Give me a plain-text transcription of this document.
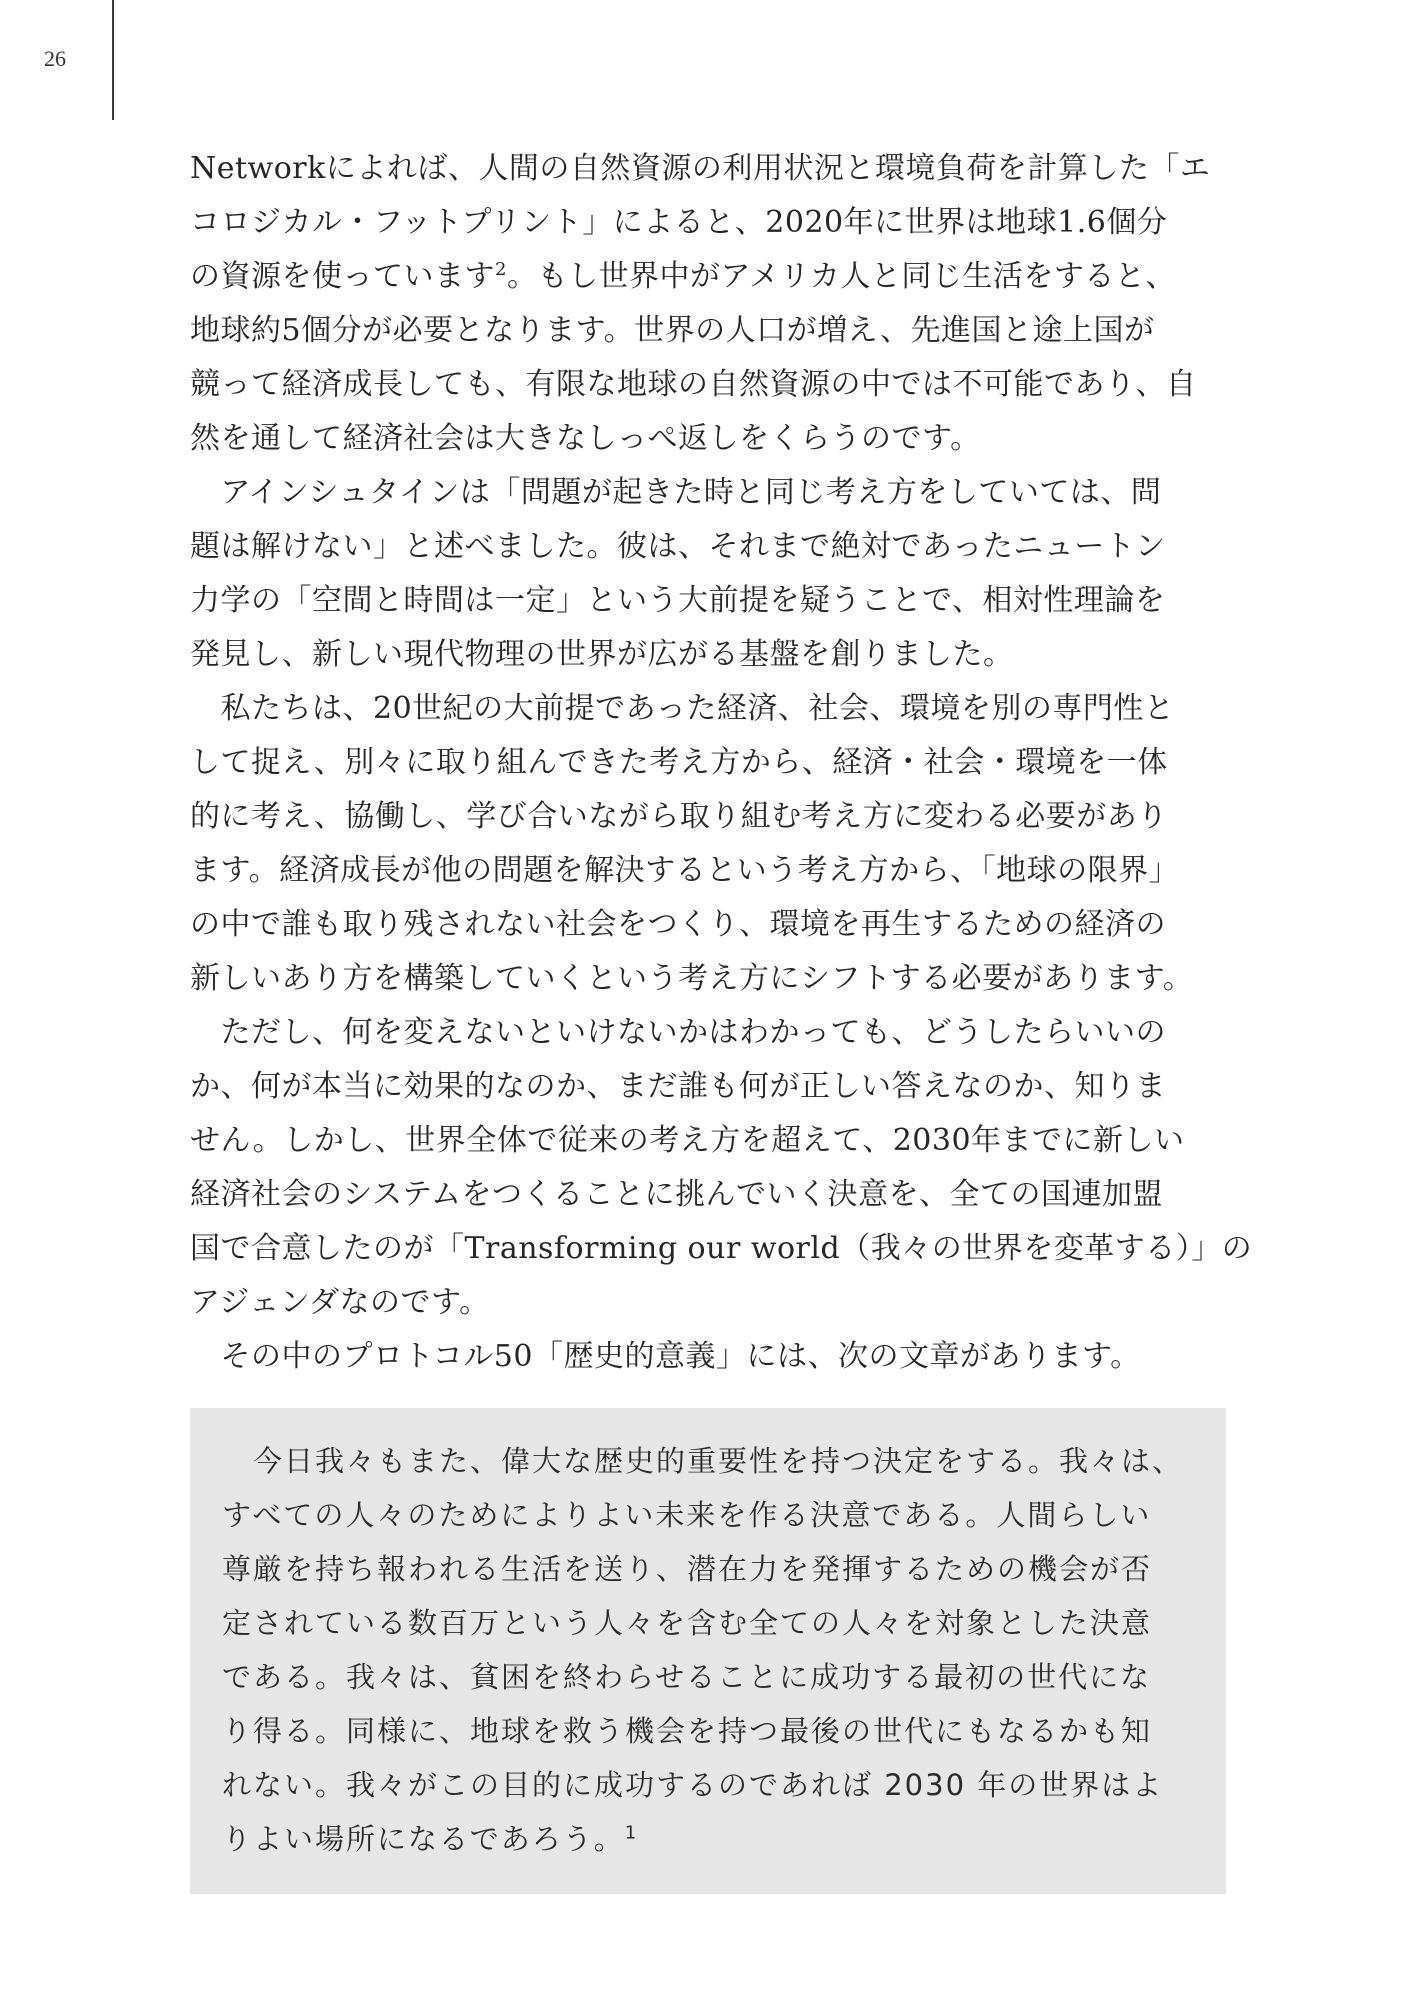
26
Networkによれば、人間の自然資源の利用状況と環境負荷を計算した「エ
コロジカル・フットプリント」によると、2020年に世界は地球1.6個分
の資源を使っています$^2$。もし世界中がアメリカ人と同じ生活をすると、
地球約5個分が必要となります。世界の人口が増え、先進国と途上国が
競って経済成長しても、有限な地球の自然資源の中では不可能であり、自
然を通して経済社会は大きなしっぺ返しをくらうのです。
　アインシュタインは「問題が起きた時と同じ考え方をしていては、問
題は解けない」と述べました。彼は、それまで絶対であったニュートン
力学の「空間と時間は一定」という大前提を疑うことで、相対性理論を
発見し、新しい現代物理の世界が広がる基盤を創りました。
　私たちは、20世紀の大前提であった経済、社会、環境を別の専門性と
して捉え、別々に取り組んできた考え方から、経済・社会・環境を一体
的に考え、協働し、学び合いながら取り組む考え方に変わる必要があり
ます。経済成長が他の問題を解決するという考え方から、「地球の限界」
の中で誰も取り残されない社会をつくり、環境を再生するための経済の
新しいあり方を構築していくという考え方にシフトする必要があります。
　ただし、何を変えないといけないかはわかっても、どうしたらいいの
か、何が本当に効果的なのか、まだ誰も何が正しい答えなのか、知りま
せん。しかし、世界全体で従来の考え方を超えて、2030年までに新しい
経済社会のシステムをつくることに挑んでいく決意を、全ての国連加盟
国で合意したのが「Transforming our world（我々の世界を変革する）」の
アジェンダなのです。
　その中のプロトコル50「歴史的意義」には、次の文章があります。
　今日我々もまた、偉大な歴史的重要性を持つ決定をする。我々は、
すべての人々のためによりよい未来を作る決意である。人間らしい
尊厳を持ち報われる生活を送り、潜在力を発揮するための機会が否
定されている数百万という人々を含む全ての人々を対象とした決意
である。我々は、貧困を終わらせることに成功する最初の世代にな
り得る。同様に、地球を救う機会を持つ最後の世代にもなるかも知
れない。我々がこの目的に成功するのであれば 2030 年の世界はよ
りよい場所になるであろう。$^1$
